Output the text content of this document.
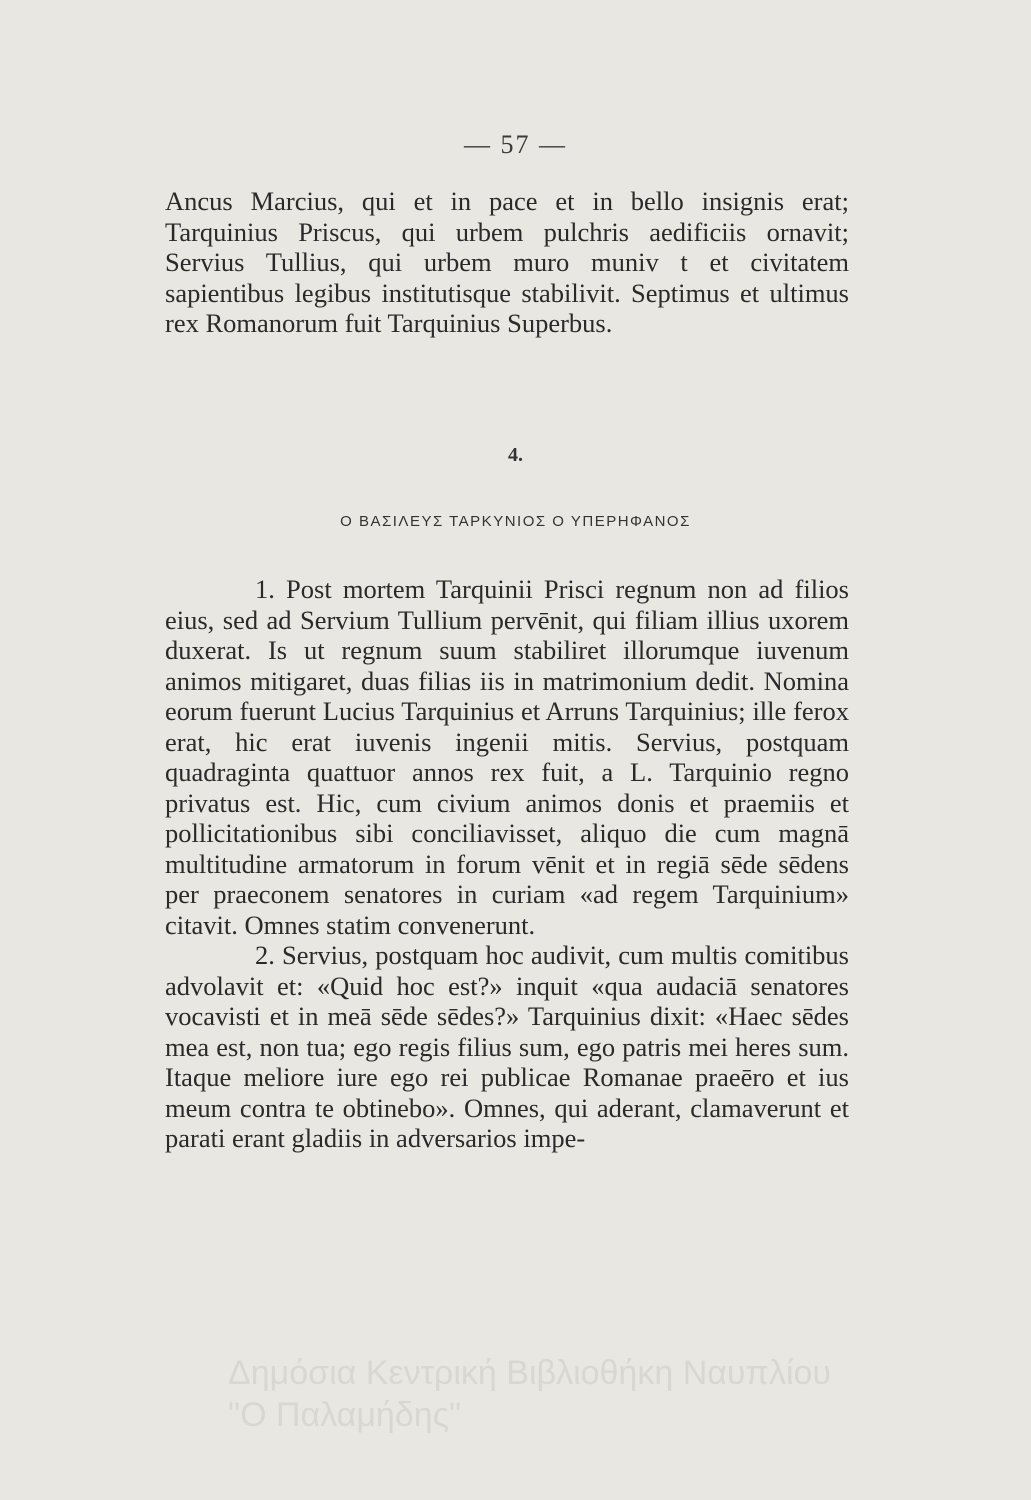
— 57 —

Ancus Marcius, qui et in pace et in bello insignis erat; Tarquinius Priscus, qui urbem pulchris aedificiis ornavit; Servius Tullius, qui urbem muro muniv t et civitatem sapientibus legibus institutisque stabilivit. Septimus et ultimus rex Romanorum fuit Tarquinius Superbus.

4.
Ο ΒΑΣΙΛΕΥΣ ΤΑΡΚΥΝΙΟΣ Ο ΥΠΕΡΗΦΑΝΟΣ

1. Post mortem Tarquinii Prisci regnum non ad filios eius, sed ad Servium Tullium pervēnit, qui filiam illius uxorem duxerat. Is ut regnum suum stabiliret illorumque iuvenum animos mitigaret, duas filias iis in matrimonium dedit. Nomina eorum fuerunt Lucius Tarquinius et Arruns Tarquinius; ille ferox erat, hic erat iuvenis ingenii mitis. Servius, postquam quadraginta quattuor annos rex fuit, a L. Tarquinio regno privatus est. Hic, cum civium animos donis et praemiis et pollicitationibus sibi conciliavisset, aliquo die cum magnā multitudine armatorum in forum vēnit et in regiā sēde sēdens per praeconem senatores in curiam «ad regem Tarquinium» citavit. Omnes statim convenerunt.

2. Servius, postquam hoc audivit, cum multis comitibus advolavit et: «Quid hoc est?» inquit «qua audaciā senatores vocavisti et in meā sēde sēdes?» Tarquinius dixit: «Haec sēdes mea est, non tua; ego regis filius sum, ego patris mei heres sum. Itaque meliore iure ego rei publicae Romanae praeēro et ius meum contra te obtinebo». Omnes, qui aderant, clamaverunt et parati erant gladiis in adversarios impe-

Δημόσια Κεντρική Βιβλιοθήκη Ναυπλίου
"Ο Παλαμήδης"
